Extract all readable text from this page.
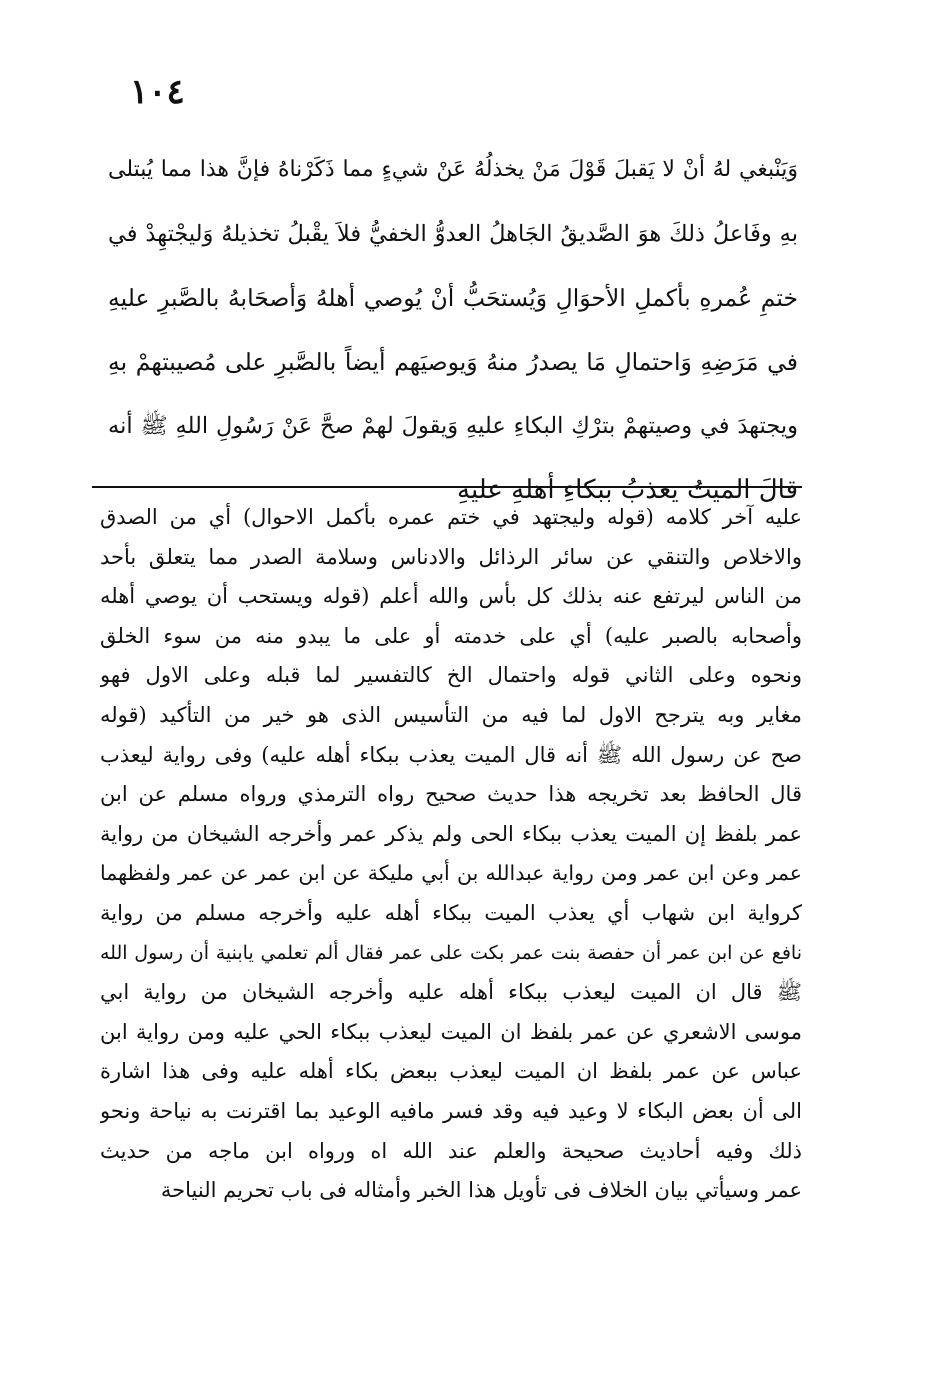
١٠٤
وَيَنْبغي لهُ أنْ لا يَقبلَ قَوْلَ مَنْ يخذلُهُ عَنْ شيءٍ مما ذَكَرْناهُ فإنَّ هذا مما يُبتلى
بهِ وفَاعلُ ذلكَ هوَ الصَّديقُ الجَاهلُ العدوُّ الخفيُّ فلاَ يقْبلُ تخذيلهُ وَليجْتهِدْ في
ختمِ عُمرهِ بأكملِ الأحوَالِ وَيُستحَبُّ أنْ يُوصي أهلهُ وَأصحَابهُ بالصَّبرِ عليهِ
في مَرَضِهِ وَاحتمالِ مَا يصدرُ منهُ وَيوصيَهم أيضاً بالصَّبرِ على مُصيبتهمْ بهِ
ويجتهدَ في وصيتهمْ بترْكِ البكاءِ عليهِ وَيقولَ لهمْ صحَّ عَنْ رَسُولِ اللهِ ﷺ أنه
قالَ الميتُ يعذبُ ببكاءِ أهلهِ عليهِ
عليه آخر كلامه (قوله وليجتهد في ختم عمره بأكمل الاحوال) أي من الصدق
والاخلاص والتنقي عن سائر الرذائل والادناس وسلامة الصدر مما يتعلق بأحد
من الناس ليرتفع عنه بذلك كل بأس والله أعلم (قوله ويستحب أن يوصي أهله
وأصحابه بالصبر عليه) أي على خدمته أو على ما يبدو منه من سوء الخلق
ونحوه وعلى الثاني قوله واحتمال الخ كالتفسير لما قبله وعلى الاول فهو
مغاير وبه يترجح الاول لما فيه من التأسيس الذى هو خير من التأكيد (قوله
صح عن رسول الله ﷺ أنه قال الميت يعذب ببكاء أهله عليه) وفى رواية ليعذب
قال الحافظ بعد تخريجه هذا حديث صحيح رواه الترمذي ورواه مسلم عن ابن
عمر بلفظ إن الميت يعذب ببكاء الحى ولم يذكر عمر وأخرجه الشيخان من رواية
عمر وعن ابن عمر ومن رواية عبدالله بن أبي مليكة عن ابن عمر عن عمر ولفظهما
كرواية ابن شهاب أي يعذب الميت ببكاء أهله عليه وأخرجه مسلم من رواية
نافع عن ابن عمر أن حفصة بنت عمر بكت على عمر فقال ألم تعلمي يابنية أن رسول الله
ﷺ قال ان الميت ليعذب ببكاء أهله عليه وأخرجه الشيخان من رواية ابي
موسى الاشعري عن عمر بلفظ ان الميت ليعذب ببكاء الحي عليه ومن رواية ابن
عباس عن عمر بلفظ ان الميت ليعذب ببعض بكاء أهله عليه وفى هذا اشارة
الى أن بعض البكاء لا وعيد فيه وقد فسر مافيه الوعيد بما اقترنت به نياحة ونحو
ذلك وفيه أحاديث صحيحة والعلم عند الله اه ورواه ابن ماجه من حديث
عمر وسيأتي بيان الخلاف فى تأويل هذا الخبر وأمثاله فى باب تحريم النياحة
